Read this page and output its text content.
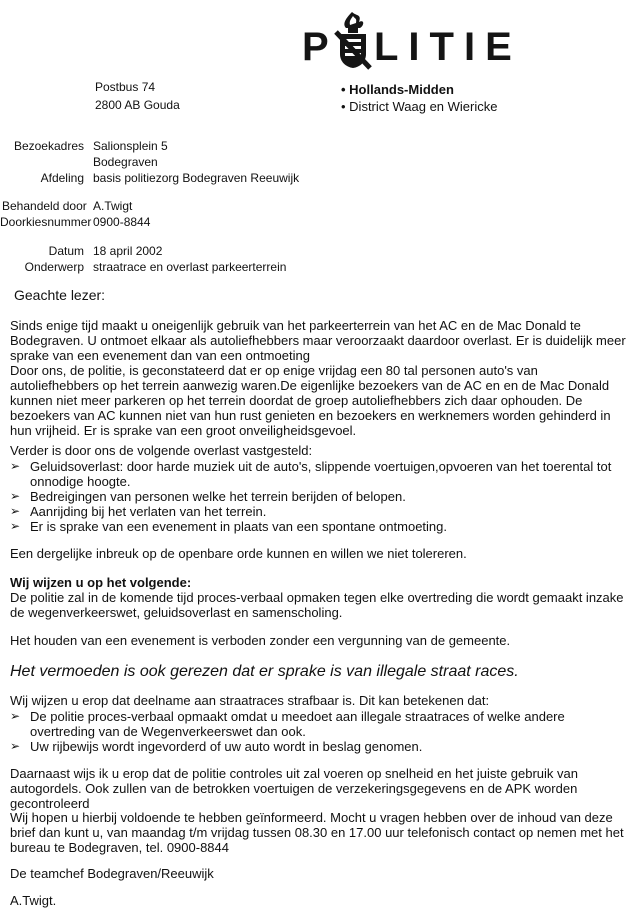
P LITIE
Postbus 74
2800 AB Gouda
• Hollands-Midden
• District Waag en Wiericke
Bezoekadres Salionsplein 5
Bodegraven
Afdeling basis politiezorg Bodegraven Reeuwijk
Behandeld door A.Twigt
Doorkiesnummer 0900-8844
Datum 18 april 2002
Onderwerp straatrace en overlast parkeerterrein
Geachte lezer:
Sinds enige tijd maakt u oneigenlijk gebruik van het parkeerterrein van het AC en de Mac Donald te Bodegraven. U ontmoet elkaar als autoliefhebbers maar veroorzaakt daardoor overlast. Er is duidelijk meer sprake van een evenement dan van een ontmoeting
Door ons, de politie, is geconstateerd dat er op enige vrijdag een 80 tal personen auto's van autoliefhebbers op het terrein aanwezig waren.De eigenlijke bezoekers van de AC en en de Mac Donald kunnen niet meer parkeren op het terrein doordat de groep autoliefhebbers zich daar ophouden. De bezoekers van AC kunnen niet van hun rust genieten en bezoekers en werknemers worden gehinderd in hun vrijheid. Er is sprake van een groot onveiligheidsgevoel.
Verder is door ons de volgende overlast vastgesteld:
➢ Geluidsoverlast: door harde muziek uit de auto's, slippende voertuigen,opvoeren van het toerental tot onnodige hoogte.
➢ Bedreigingen van personen welke het terrein berijden of belopen.
➢ Aanrijding bij het verlaten van het terrein.
➢ Er is sprake van een evenement in plaats van een spontane ontmoeting.
Een dergelijke inbreuk op de openbare orde kunnen en willen we niet tolereren.
Wij wijzen u op het volgende:
De politie zal in de komende tijd proces-verbaal opmaken tegen elke overtreding die wordt gemaakt inzake de wegenverkeerswet, geluidsoverlast en samenscholing.
Het houden van een evenement is verboden zonder een vergunning van de gemeente.
Het vermoeden is ook gerezen dat er sprake is van illegale straat races.
Wij wijzen u erop dat deelname aan straatraces strafbaar is. Dit kan betekenen dat:
➢ De politie proces-verbaal opmaakt omdat u meedoet aan illegale straatraces of welke andere overtreding van de Wegenverkeerswet dan ook.
➢ Uw rijbewijs wordt ingevorderd of uw auto wordt in beslag genomen.
Daarnaast wijs ik u erop dat de politie controles uit zal voeren op snelheid en het juiste gebruik van autogordels. Ook zullen van de betrokken voertuigen de verzekeringsgegevens en de APK worden gecontroleerd
Wij hopen u hierbij voldoende te hebben geïnformeerd. Mocht u vragen hebben over de inhoud van deze brief dan kunt u, van maandag t/m vrijdag tussen 08.30 en 17.00 uur telefonisch contact op nemen met het bureau te Bodegraven, tel. 0900-8844
De teamchef Bodegraven/Reeuwijk
A.Twigt.
